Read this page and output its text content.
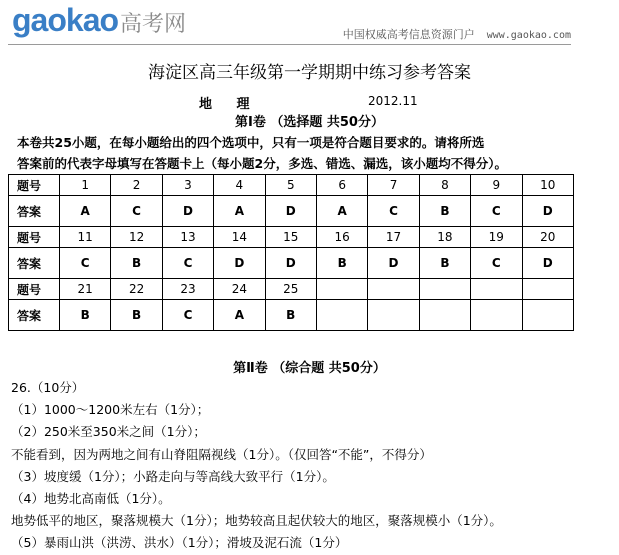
gaokao高考网	中国权威高考信息资源门户 www.gaokao.com
海淀区高三年级第一学期期中练习参考答案
地 理	2012.11
第Ⅰ卷 （选择题 共50分）
本卷共25小题，在每小题给出的四个选项中，只有一项是符合题目要求的。请将所选
答案前的代表字母填写在答题卡上（每小题2分，多选、错选、漏选，该小题均不得分）。
题号	1	2	3	4	5	6	7	8	9	10
答案	A	C	D	A	D	A	C	B	C	D
题号	11	12	13	14	15	16	17	18	19	20
答案	C	B	C	D	D	B	D	B	C	D
题号	21	22	23	24	25					
答案	B	B	C	A	B					
第Ⅱ卷 （综合题 共50分）
26.（10分）
（1）1000～1200米左右（1分）；
（2）250米至350米之间（1分）；
不能看到，因为两地之间有山脊阻隔视线（1分）。（仅回答“不能”，不得分）
（3）坡度缓（1分）；小路走向与等高线大致平行（1分）。
（4）地势北高南低（1分）。
地势低平的地区，聚落规模大（1分）；地势较高且起伏较大的地区，聚落规模小（1分）。
（5）暴雨山洪（洪涝、洪水）（1分）；滑坡及泥石流（1分）
